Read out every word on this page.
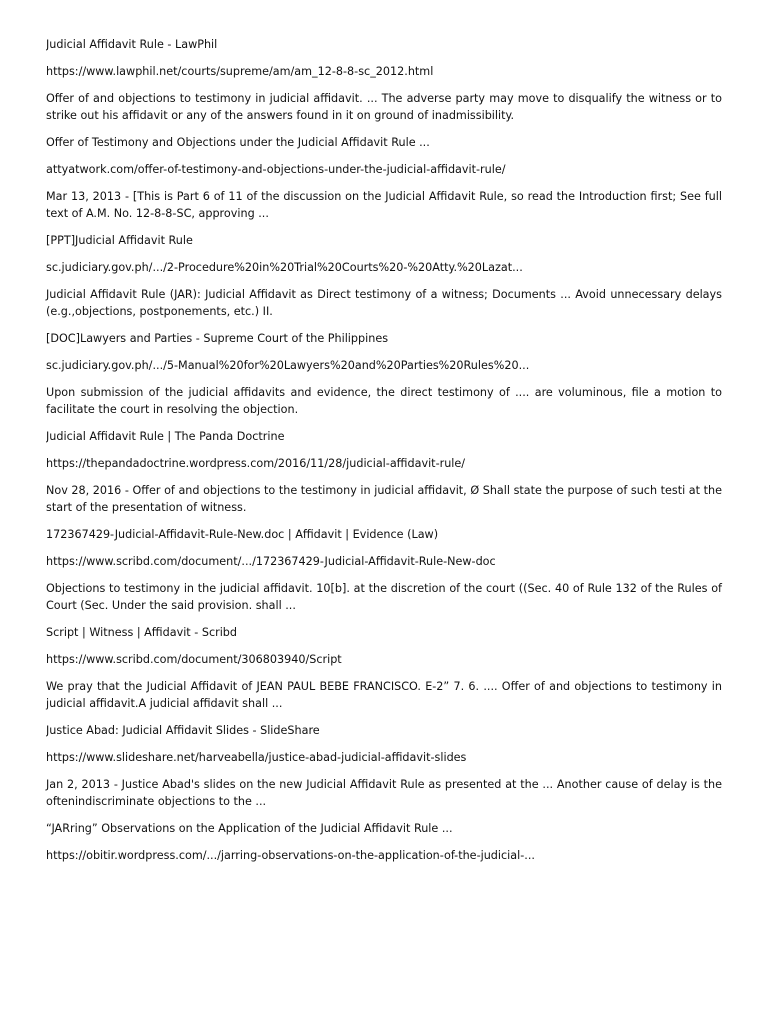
Judicial Affidavit Rule - LawPhil
https://www.lawphil.net/courts/supreme/am/am_12-8-8-sc_2012.html
Offer of and objections to testimony in judicial affidavit. ... The adverse party may move to disqualify the witness or to strike out his affidavit or any of the answers found in it on ground of inadmissibility.
Offer of Testimony and Objections under the Judicial Affidavit Rule ...
attyatwork.com/offer-of-testimony-and-objections-under-the-judicial-affidavit-rule/
Mar 13, 2013 - [This is Part 6 of 11 of the discussion on the Judicial Affidavit Rule, so read the Introduction first; See full text of A.M. No. 12-8-8-SC, approving ...
[PPT]Judicial Affidavit Rule
sc.judiciary.gov.ph/.../2-Procedure%20in%20Trial%20Courts%20-%20Atty.%20Lazat...
Judicial Affidavit Rule (JAR): Judicial Affidavit as Direct testimony of a witness; Documents ... Avoid unnecessary delays (e.g.,objections, postponements, etc.) II.
[DOC]Lawyers and Parties - Supreme Court of the Philippines
sc.judiciary.gov.ph/.../5-Manual%20for%20Lawyers%20and%20Parties%20Rules%20...
Upon submission of the judicial affidavits and evidence, the direct testimony of .... are voluminous, file a motion to facilitate the court in resolving the objection.
Judicial Affidavit Rule | The Panda Doctrine
https://thepandadoctrine.wordpress.com/2016/11/28/judicial-affidavit-rule/
Nov 28, 2016 - Offer of and objections to the testimony in judicial affidavit, Ø Shall state the purpose of such testi at the start of the presentation of witness.
172367429-Judicial-Affidavit-Rule-New.doc | Affidavit | Evidence (Law)
https://www.scribd.com/document/.../172367429-Judicial-Affidavit-Rule-New-doc
Objections to testimony in the judicial affidavit. 10[b]. at the discretion of the court ((Sec. 40 of Rule 132 of the Rules of Court (Sec. Under the said provision. shall ...
Script | Witness | Affidavit - Scribd
https://www.scribd.com/document/306803940/Script
We pray that the Judicial Affidavit of JEAN PAUL BEBE FRANCISCO. E-2” 7. 6. .... Offer of and objections to testimony in judicial affidavit.A judicial affidavit shall ...
Justice Abad: Judicial Affidavit Slides - SlideShare
https://www.slideshare.net/harveabella/justice-abad-judicial-affidavit-slides
Jan 2, 2013 - Justice Abad's slides on the new Judicial Affidavit Rule as presented at the ... Another cause of delay is the oftenindiscriminate objections to the ...
“JARring” Observations on the Application of the Judicial Affidavit Rule ...
https://obitir.wordpress.com/.../jarring-observations-on-the-application-of-the-judicial-...
